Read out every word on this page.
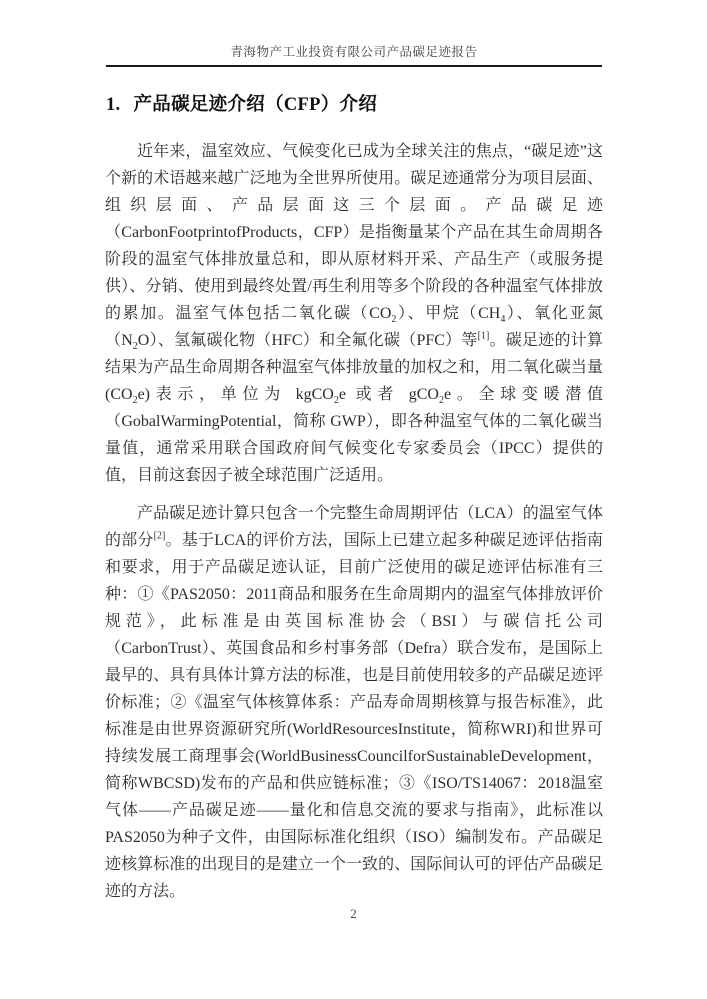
青海物产工业投资有限公司产品碳足迹报告
1. 产品碳足迹介绍（CFP）介绍

近年来，温室效应、气候变化已成为全球关注的焦点，“碳足迹”这个新的术语越来越广泛地为全世界所使用。碳足迹通常分为项目层面、组织层面、产品层面这三个层面。产品碳足迹（CarbonFootprintofProducts，CFP）是指衡量某个产品在其生命周期各阶段的温室气体排放量总和，即从原材料开采、产品生产（或服务提供）、分销、使用到最终处置/再生利用等多个阶段的各种温室气体排放的累加。温室气体包括二氧化碳$(CO_2)$、甲烷$(CH_4)$、氧化亚氮$(N_2O)$、氢氟碳化物（HFC）和全氟化碳（PFC）等[1]。碳足迹的计算结果为产品生命周期各种温室气体排放量的加权之和，用二氧化碳当量$(CO_2e)$表示，单位为 kgCO$_2$e 或者 gCO$_2$e。全球变暖潜值（GobalWarmingPotential，简称 GWP），即各种温室气体的二氧化碳当量值，通常采用联合国政府间气候变化专家委员会（IPCC）提供的值，目前这套因子被全球范围广泛适用。

产品碳足迹计算只包含一个完整生命周期评估（LCA）的温室气体的部分[2]。基于LCA的评价方法，国际上已建立起多种碳足迹评估指南和要求，用于产品碳足迹认证，目前广泛使用的碳足迹评估标准有三种：①《PAS2050：2011商品和服务在生命周期内的温室气体排放评价规范》，此标准是由英国标准协会（BSI）与碳信托公司（CarbonTrust）、英国食品和乡村事务部（Defra）联合发布，是国际上最早的、具有具体计算方法的标准，也是目前使用较多的产品碳足迹评价标准；②《温室气体核算体系：产品寿命周期核算与报告标准》，此标准是由世界资源研究所(WorldResourcesInstitute，简称WRI)和世界可持续发展工商理事会(WorldBusinessCouncilforSustainableDevelopment，简称WBCSD)发布的产品和供应链标准；③《ISO/TS14067：2018温室气体——产品碳足迹——量化和信息交流的要求与指南》，此标准以PAS2050为种子文件，由国际标准化组织（ISO）编制发布。产品碳足迹核算标准的出现目的是建立一个一致的、国际间认可的评估产品碳足迹的方法。

2
